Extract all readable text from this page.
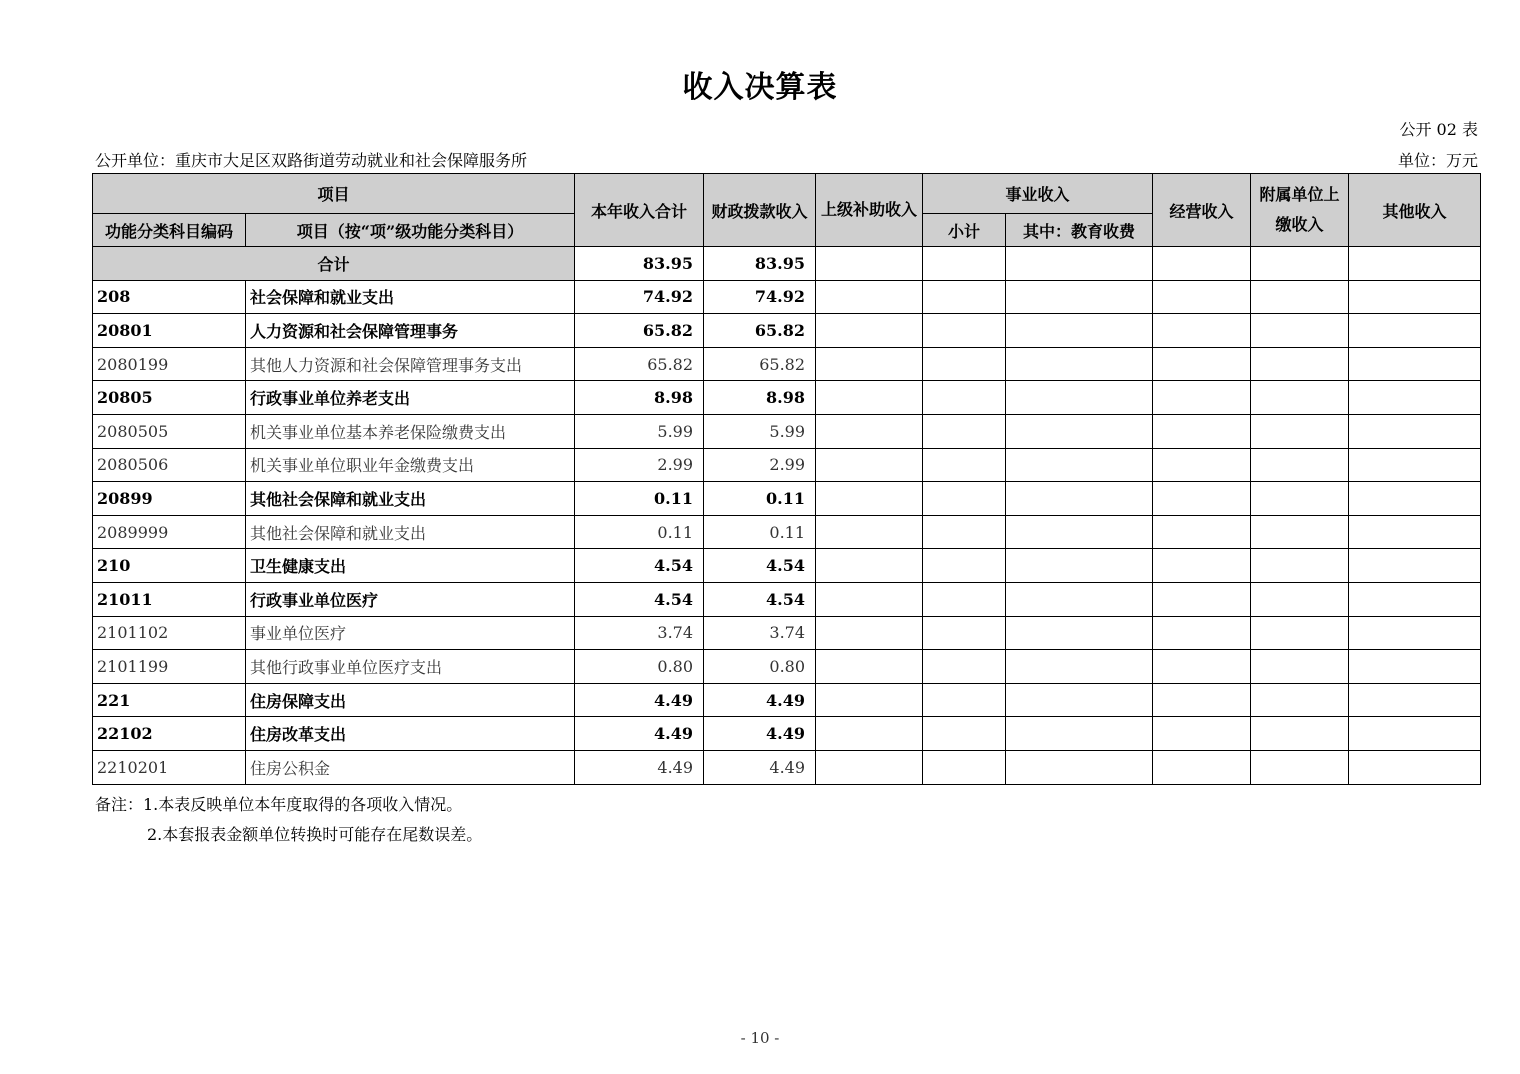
收入决算表
公开 02 表
公开单位：重庆市大足区双路街道劳动就业和社会保障服务所	单位：万元
项目		本年收入合计	财政拨款收入	上级补助收入	事业收入		经营收入	附属单位上缴收入	其他收入
功能分类科目编码	项目（按“项”级功能分类科目）				小计	其中：教育收费			
合计		83.95	83.95						
208	社会保障和就业支出	74.92	74.92						
20801	人力资源和社会保障管理事务	65.82	65.82						
2080199	其他人力资源和社会保障管理事务支出	65.82	65.82						
20805	行政事业单位养老支出	8.98	8.98						
2080505	机关事业单位基本养老保险缴费支出	5.99	5.99						
2080506	机关事业单位职业年金缴费支出	2.99	2.99						
20899	其他社会保障和就业支出	0.11	0.11						
2089999	其他社会保障和就业支出	0.11	0.11						
210	卫生健康支出	4.54	4.54						
21011	行政事业单位医疗	4.54	4.54						
2101102	事业单位医疗	3.74	3.74						
2101199	其他行政事业单位医疗支出	0.80	0.80						
221	住房保障支出	4.49	4.49						
22102	住房改革支出	4.49	4.49						
2210201	住房公积金	4.49	4.49						
备注：1.本表反映单位本年度取得的各项收入情况。
2.本套报表金额单位转换时可能存在尾数误差。
- 10 -
